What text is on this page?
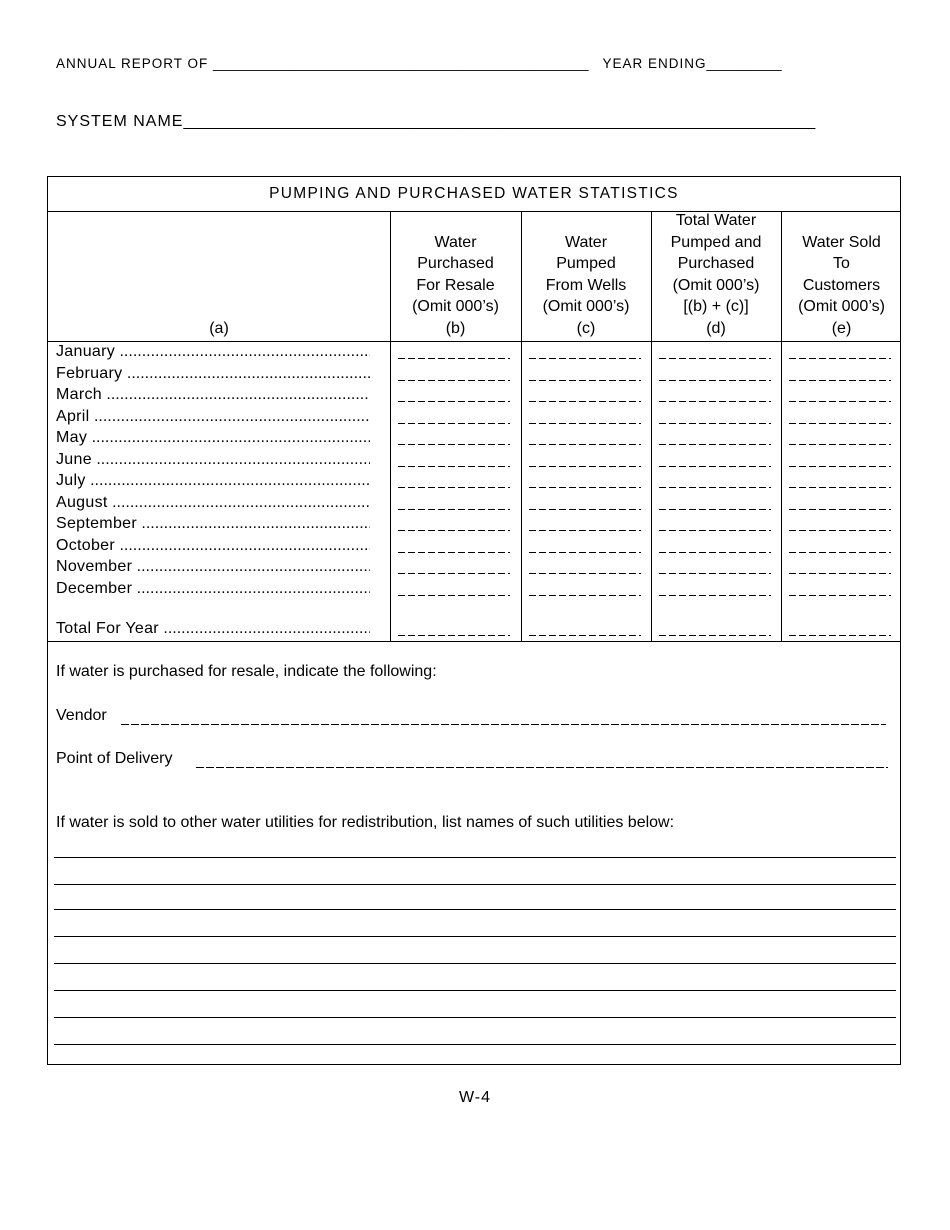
ANNUAL REPORT OF __________________________________________________ YEAR ENDING__________
SYSTEM NAME_______________________________________________________________________
PUMPING AND PURCHASED WATER STATISTICS
(a)
Water
Purchased
For Resale
(Omit 000’s)
(b)
Water
Pumped
From Wells
(Omit 000’s)
(c)
Total Water
Pumped and
Purchased
(Omit 000’s)
[(b) + (c)]
(d)
Water Sold
To
Customers
(Omit 000’s)
(e)
January .....
February .....
March .....
April .....
May .....
June .....
July .....
August .....
September .....
October .....
November .....
December .....
Total For Year .....
If water is purchased for resale, indicate the following:
Vendor
Point of Delivery
If water is sold to other water utilities for redistribution, list names of such utilities below:
W-4
